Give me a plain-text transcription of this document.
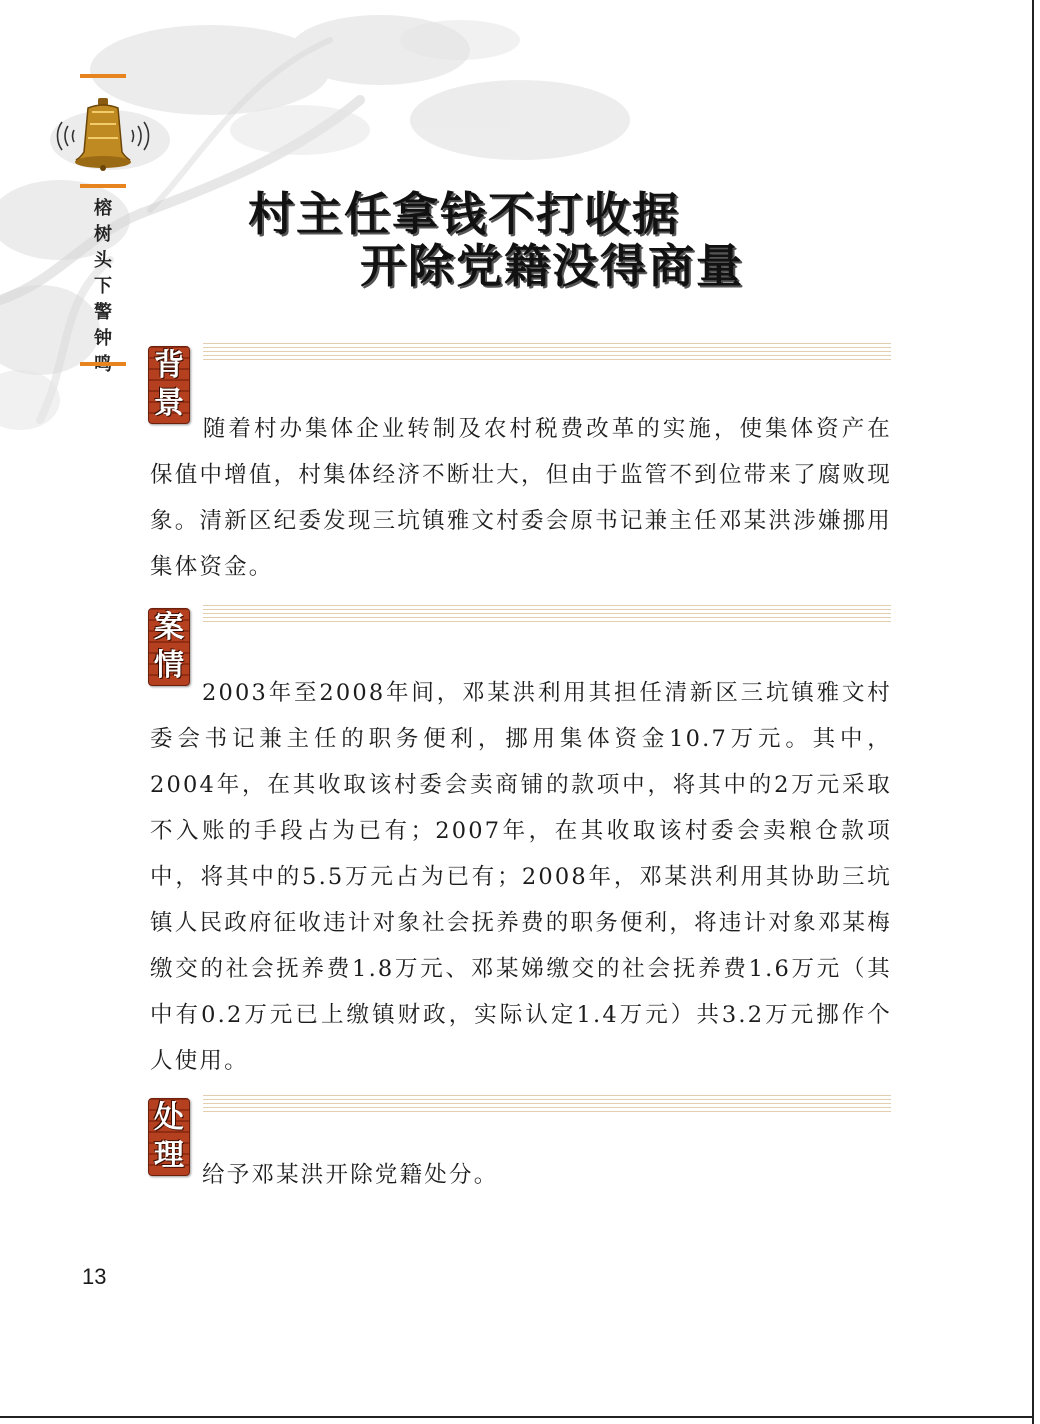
榕树头下警钟
村主任拿钱不打收据
开除党籍没得商量
背
景
随着村办集体企业转制及农村税费改革的实施，使集体资产在保值中增值，村集体经济不断壮大，但由于监管不到位带来了腐败现象。清新区纪委发现三坑镇雅文村委会原书记兼主任邓某洪涉嫌挪用集体资金。
案
情
2003年至2008年间，邓某洪利用其担任清新区三坑镇雅文村委会书记兼主任的职务便利，挪用集体资金10.7万元。其中，2004年，在其收取该村委会卖商铺的款项中，将其中的2万元采取不入账的手段占为已有；2007年，在其收取该村委会卖粮仓款项中，将其中的5.5万元占为已有；2008年，邓某洪利用其协助三坑镇人民政府征收违计对象社会抚养费的职务便利，将违计对象邓某梅缴交的社会抚养费1.8万元、邓某娣缴交的社会抚养费1.6万元（其中有0.2万元已上缴镇财政，实际认定1.4万元）共3.2万元挪作个人使用。
处
理
给予邓某洪开除党籍处分。
13
